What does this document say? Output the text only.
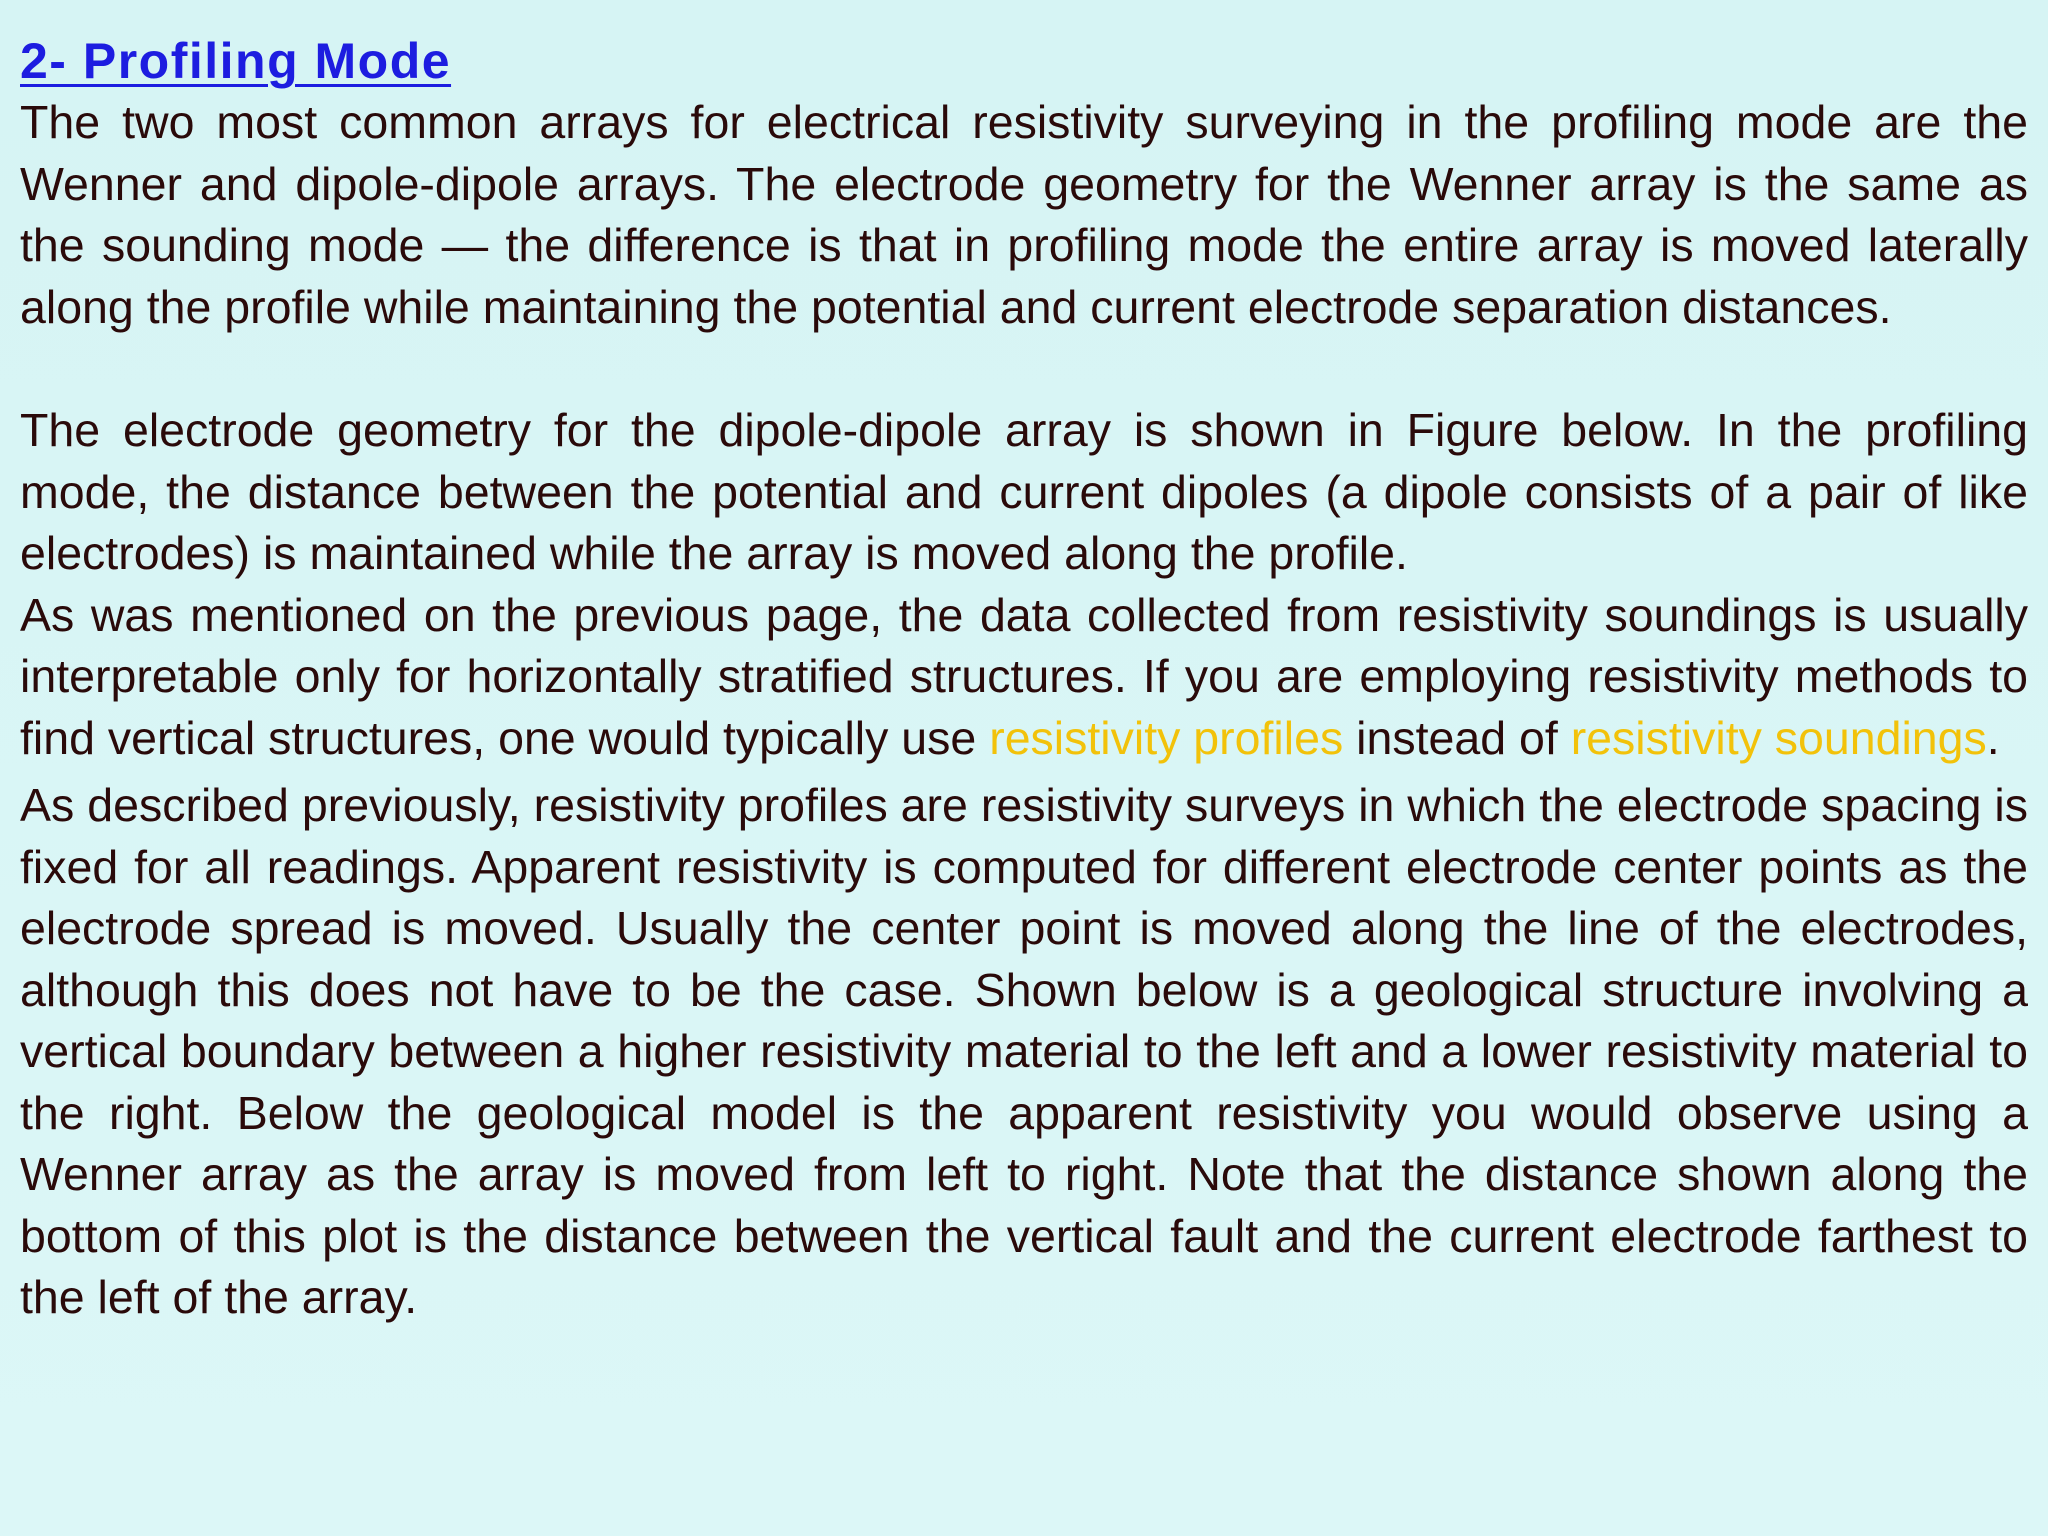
2- Profiling Mode

The two most common arrays for electrical resistivity surveying in the profiling mode are the Wenner and dipole-dipole arrays. The electrode geometry for the Wenner array is the same as the sounding mode — the difference is that in profiling mode the entire array is moved laterally along the profile while maintaining the potential and current electrode separation distances.

The electrode geometry for the dipole-dipole array is shown in Figure below. In the profiling mode, the distance between the potential and current dipoles (a dipole consists of a pair of like electrodes) is maintained while the array is moved along the profile.

As was mentioned on the previous page, the data collected from resistivity soundings is usually interpretable only for horizontally stratified structures. If you are employing resistivity methods to find vertical structures, one would typically use resistivity profiles instead of resistivity soundings.

As described previously, resistivity profiles are resistivity surveys in which the electrode spacing is fixed for all readings. Apparent resistivity is computed for different electrode center points as the electrode spread is moved. Usually the center point is moved along the line of the electrodes, although this does not have to be the case. Shown below is a geological structure involving a vertical boundary between a higher resistivity material to the left and a lower resistivity material to the right. Below the geological model is the apparent resistivity you would observe using a Wenner array as the array is moved from left to right. Note that the distance shown along the bottom of this plot is the distance between the vertical fault and the current electrode farthest to the left of the array.
